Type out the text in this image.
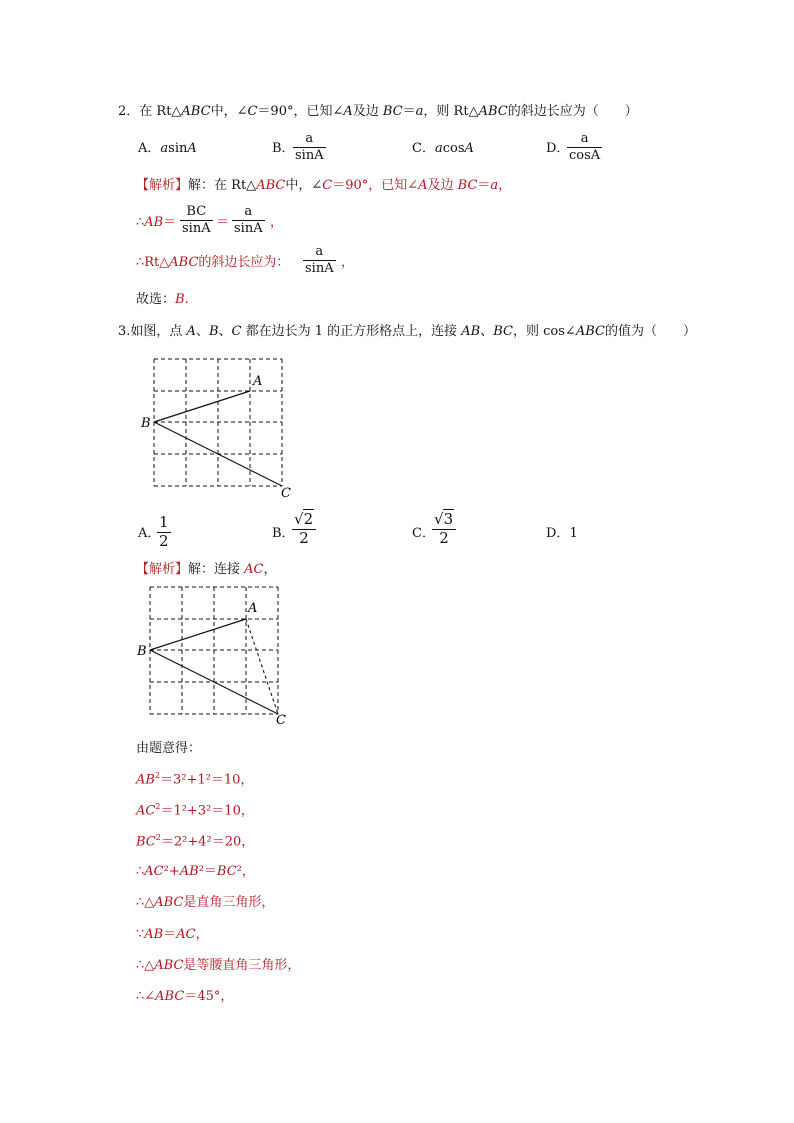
2．在 Rt△ABC中，∠C＝90°，已知∠A及边 BC＝a，则 Rt△ABC的斜边长应为（　　）
A．asinA	B．
a
sinA	C．acosA	D．
a
cosA
【解析】解：在 Rt△ABC中，∠C＝90°，已知∠A及边 BC＝a，
∴AB＝
BC
sinA ＝
a
sinA ，
∴Rt△ABC的斜边长应为：
a
sinA ，
故选：B.
3.如图，点 A、B、C 都在边长为 1 的正方形格点上，连接 AB、BC，则 cos∠ABC的值为（　　）
A
B
C
A．
1
2	B．
√2
2	C．
√3
2	D．1
【解析】解：连接 AC，
A
B
C
由题意得：
$AB^2=3^2+1^2=10$，
$AC^2=1^2+3^2=10$，
$BC^2=2^2+4^2=20$，
∴AC²+AB²＝BC²，
∴△ABC是直角三角形，
∵AB＝AC，
∴△ABC是等腰直角三角形，
∴∠ABC＝45°，
